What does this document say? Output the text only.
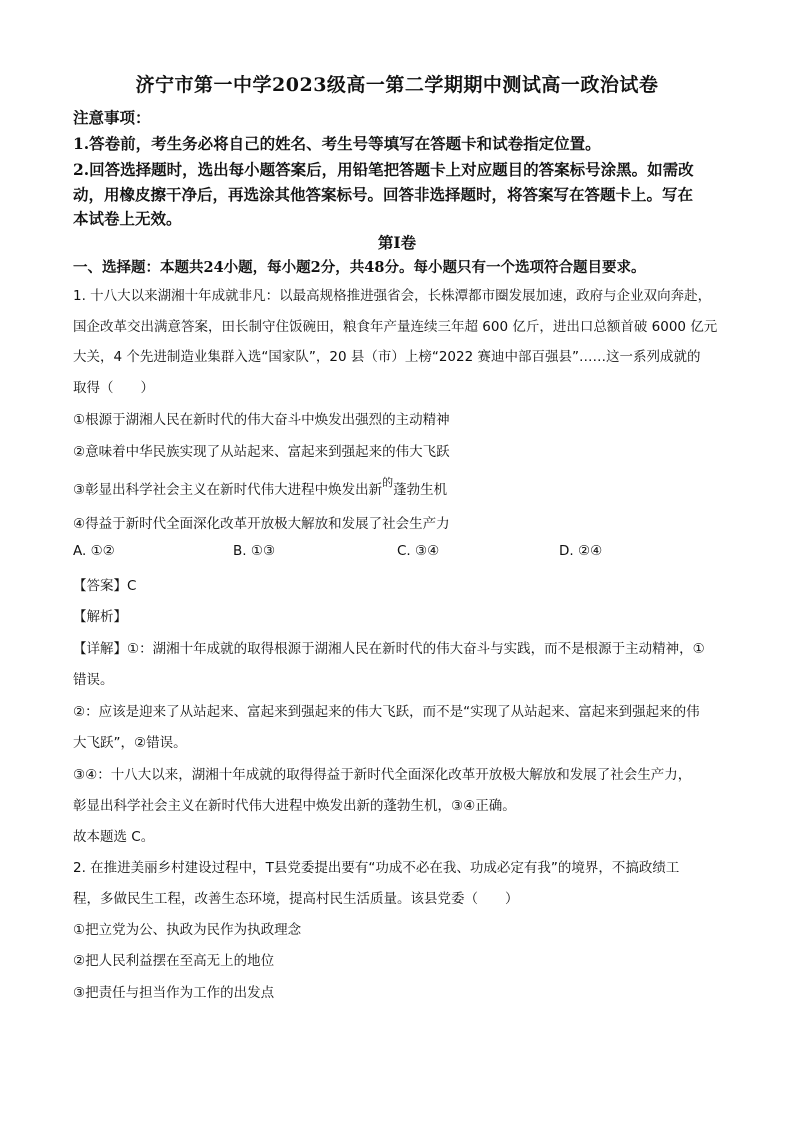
济宁市第一中学2023级高一第二学期期中测试高一政治试卷
注意事项：
1.答卷前，考生务必将自己的姓名、考生号等填写在答题卡和试卷指定位置。
2.回答选择题时，选出每小题答案后，用铅笔把答题卡上对应题目的答案标号涂黑。如需改
动，用橡皮擦干净后，再选涂其他答案标号。回答非选择题时，将答案写在答题卡上。写在
本试卷上无效。
第Ⅰ卷
一、选择题：本题共24小题，每小题2分，共48分。每小题只有一个选项符合题目要求。
1. 十八大以来湖湘十年成就非凡：以最高规格推进强省会，长株潭都市圈发展加速，政府与企业双向奔赴，
国企改革交出满意答案，田长制守住饭碗田，粮食年产量连续三年超 600 亿斤，进出口总额首破 6000 亿元
大关，4 个先进制造业集群入选“国家队”，20 县（市）上榜“2022 赛迪中部百强县”……这一系列成就的
取得（　　）
①根源于湖湘人民在新时代的伟大奋斗中焕发出强烈的主动精神
②意味着中华民族实现了从站起来、富起来到强起来的伟大飞跃
③彰显出科学社会主义在新时代伟大进程中焕发出新$^的$蓬勃生机
④得益于新时代全面深化改革开放极大解放和发展了社会生产力
A. ①②	B. ①③	C. ③④	D. ②④
【答案】C
【解析】
【详解】①：湖湘十年成就的取得根源于湖湘人民在新时代的伟大奋斗与实践，而不是根源于主动精神，①
错误。
②：应该是迎来了从站起来、富起来到强起来的伟大飞跃，而不是“实现了从站起来、富起来到强起来的伟
大飞跃”，②错误。
③④：十八大以来，湖湘十年成就的取得得益于新时代全面深化改革开放极大解放和发展了社会生产力，
彰显出科学社会主义在新时代伟大进程中焕发出新的蓬勃生机，③④正确。
故本题选 C。
2. 在推进美丽乡村建设过程中，T县党委提出要有“功成不必在我、功成必定有我”的境界，不搞政绩工
程，多做民生工程，改善生态环境，提高村民生活质量。该县党委（　　）
①把立党为公、执政为民作为执政理念
②把人民利益摆在至高无上的地位
③把责任与担当作为工作的出发点
